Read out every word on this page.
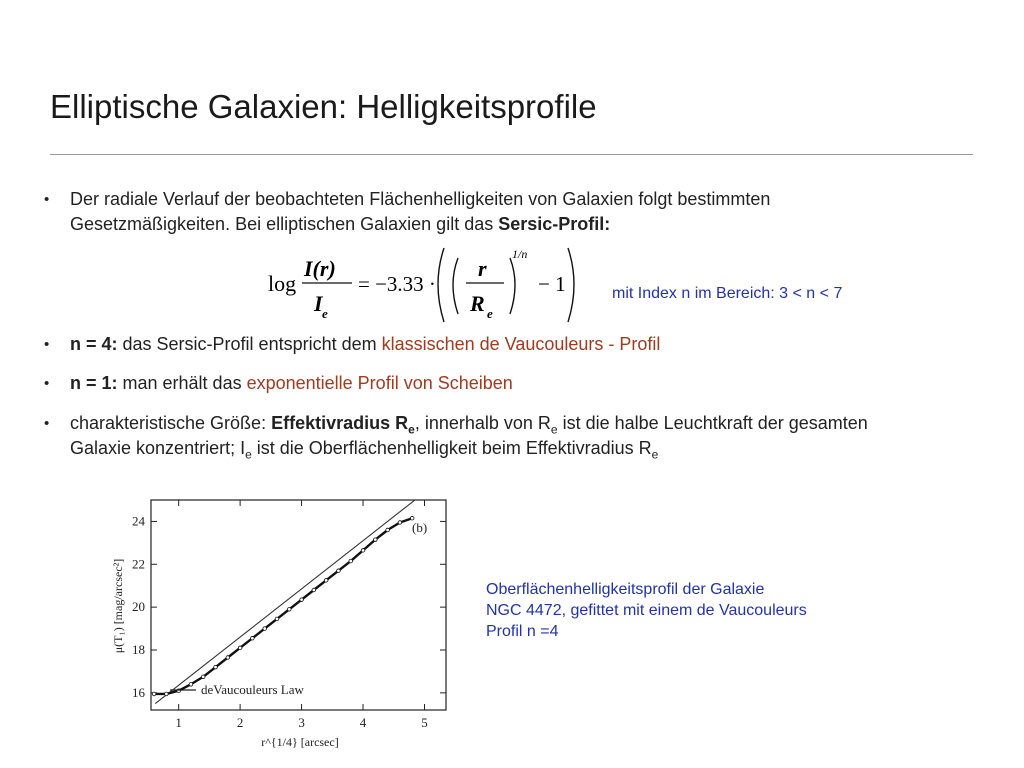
Elliptische Galaxien: Helligkeitsprofile
• Der radiale Verlauf der beobachteten Flächenhelligkeiten von Galaxien folgt bestimmten
Gesetzmäßigkeiten. Bei elliptischen Galaxien gilt das Sersic-Profil:
log
I(r)
I e
= −3.33 ·
r
R e
1/n
− 1	mit Index n im Bereich: 3 < n < 7
• n = 4: das Sersic-Profil entspricht dem klassischen de Vaucouleurs - Profil
• n = 1: man erhält das exponentielle Profil von Scheiben
• charakteristische Größe: Effektivradius $R_e$, innerhalb von $R_e$ ist die halbe Leuchtkraft der gesamten
Galaxie konzentriert; $I_e$ ist die Oberflächenhelligkeit beim Effektivradius $R_e$
1	2	3	4	5
16
18
20
22
24	(b)
deVaucouleurs Law
r^{1/4} [arcsec]
μ(T₁) [mag/arcsec²]	Oberflächenhelligkeitsprofil der Galaxie
NGC 4472, gefittet mit einem de Vaucouleurs
Profil n =4
